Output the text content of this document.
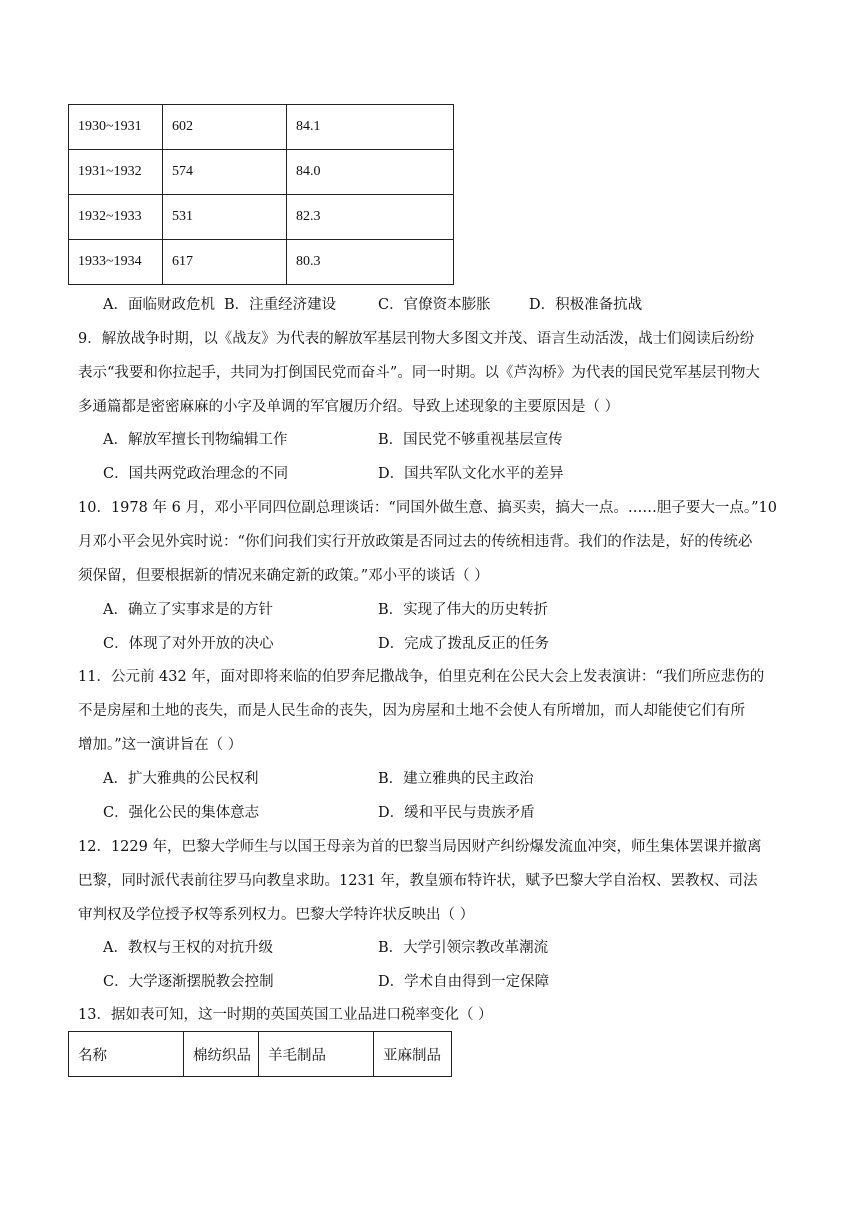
1930~1931	602	84.1
1931~1932	574	84.0
1932~1933	531	82.3
1933~1934	617	80.3
A．面临财政危机 B．注重经济建设	C．官僚资本膨胀	D．积极准备抗战
9．解放战争时期，以《战友》为代表的解放军基层刊物大多图文并茂、语言生动活泼，战士们阅读后纷纷
表示“我要和你拉起手，共同为打倒国民党而奋斗”。同一时期。以《芦沟桥》为代表的国民党军基层刊物大
多通篇都是密密麻麻的小字及单调的军官履历介绍。导致上述现象的主要原因是（ ）
A．解放军擅长刊物编辑工作	B．国民党不够重视基层宣传
C．国共两党政治理念的不同	D．国共军队文化水平的差异
10．1978 年 6 月，邓小平同四位副总理谈话：“同国外做生意、搞买卖，搞大一点。……胆子要大一点。”10
月邓小平会见外宾时说：“你们问我们实行开放政策是否同过去的传统相违背。我们的作法是，好的传统必
须保留，但要根据新的情况来确定新的政策。”邓小平的谈话（ ）
A．确立了实事求是的方针	B．实现了伟大的历史转折
C．体现了对外开放的决心	D．完成了拨乱反正的任务
11．公元前 432 年，面对即将来临的伯罗奔尼撒战争，伯里克利在公民大会上发表演讲：“我们所应悲伤的
不是房屋和土地的丧失，而是人民生命的丧失，因为房屋和土地不会使人有所增加，而人却能使它们有所
增加。”这一演讲旨在（ ）
A．扩大雅典的公民权利	B．建立雅典的民主政治
C．强化公民的集体意志	D．缓和平民与贵族矛盾
12．1229 年，巴黎大学师生与以国王母亲为首的巴黎当局因财产纠纷爆发流血冲突，师生集体罢课并撤离
巴黎，同时派代表前往罗马向教皇求助。1231 年，教皇颁布特许状，赋予巴黎大学自治权、罢教权、司法
审判权及学位授予权等系列权力。巴黎大学特许状反映出（ ）
A．教权与王权的对抗升级	B．大学引领宗教改革潮流
C．大学逐渐摆脱教会控制	D．学术自由得到一定保障
13．据如表可知，这一时期的英国英国工业品进口税率变化（ ）
名称	棉纺织品	羊毛制品	亚麻制品
